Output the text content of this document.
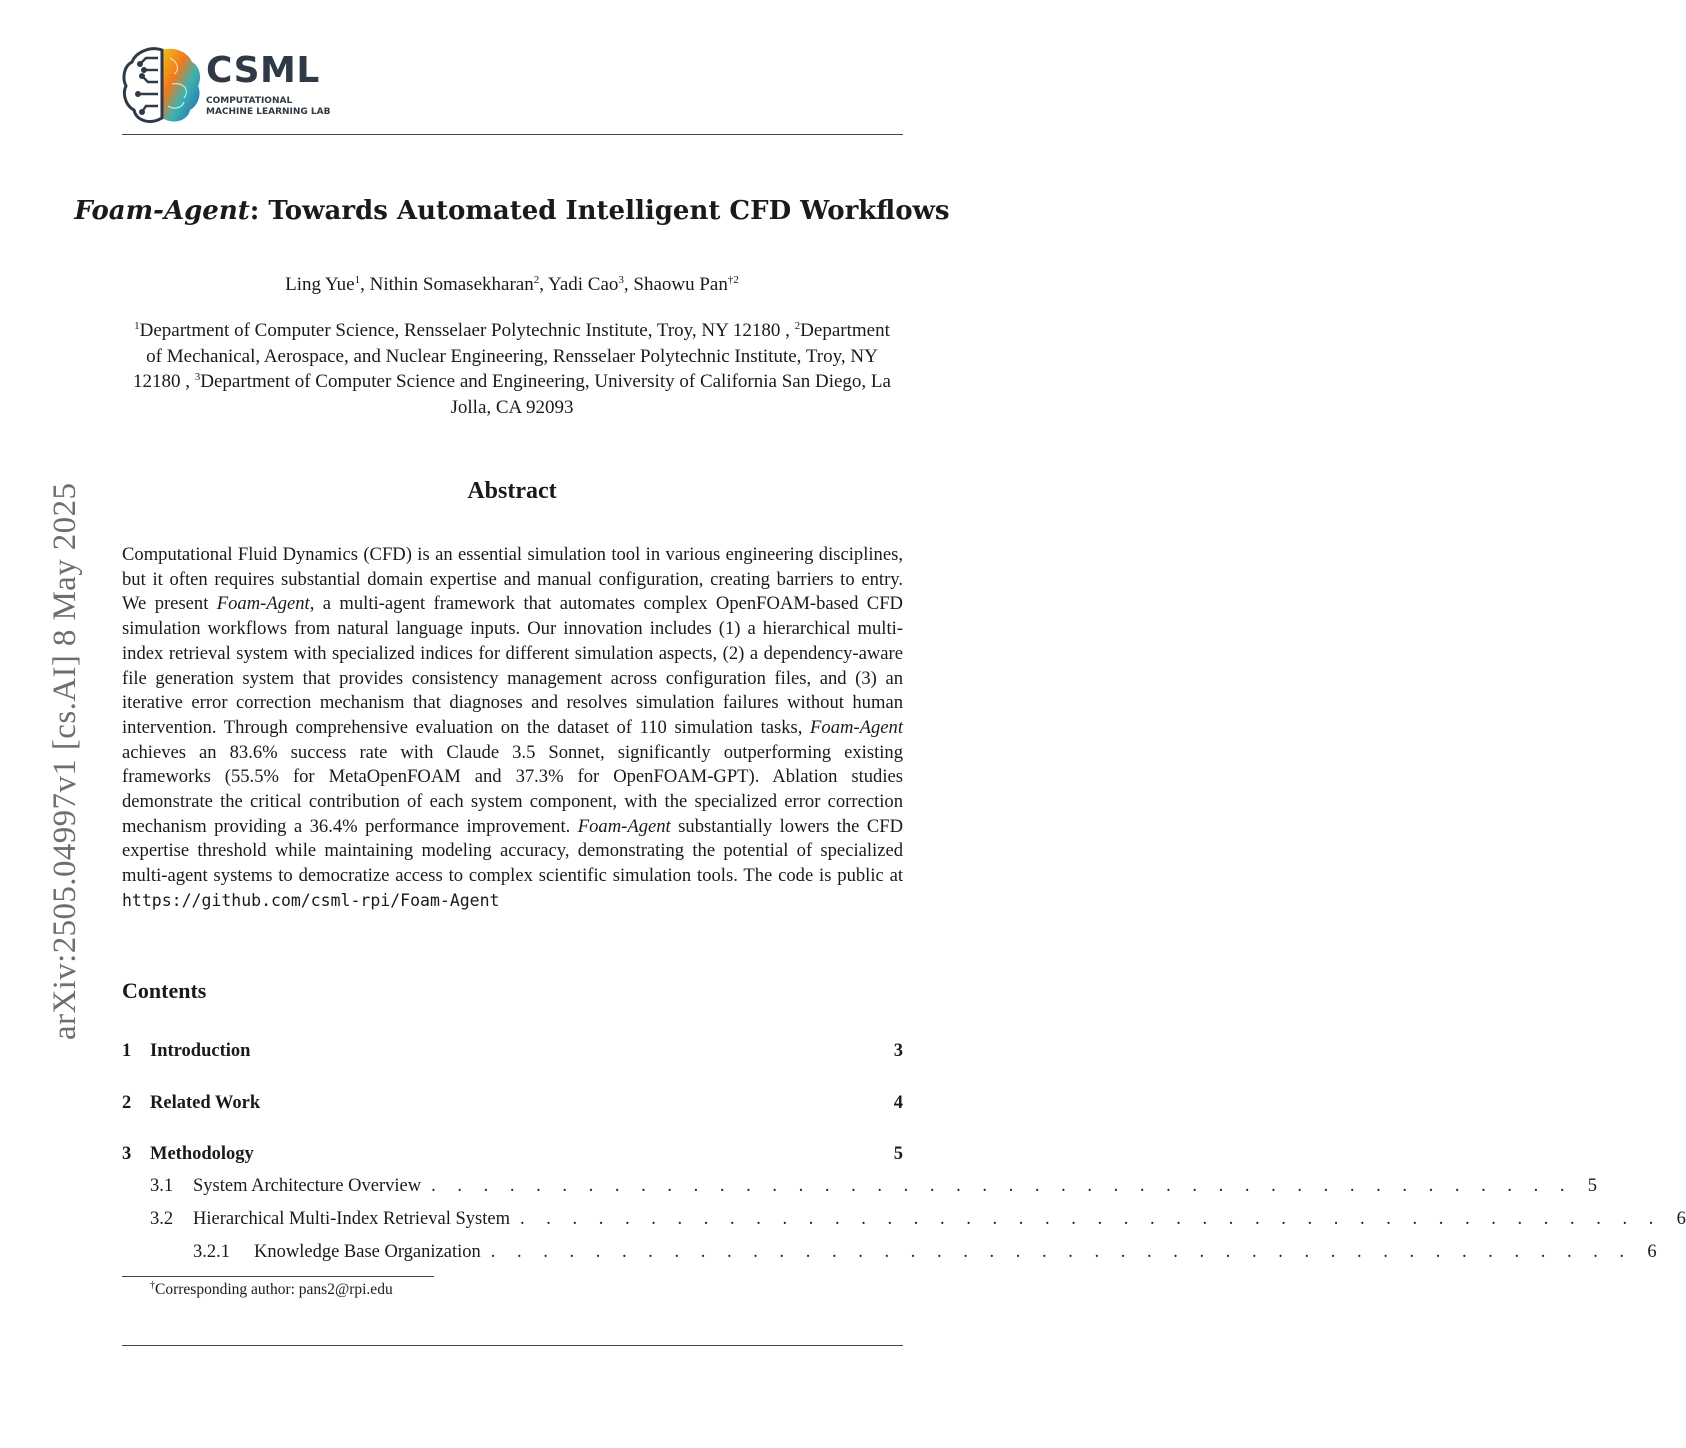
CSML
COMPUTATIONAL
MACHINE LEARNING LAB
Foam-Agent: Towards Automated Intelligent CFD Workflows
Ling Yue$^1$, Nithin Somasekharan$^2$, Yadi Cao$^3$, Shaowu Pan$^{\dagger 2}$
$^1$Department of Computer Science, Rensselaer Polytechnic Institute, Troy, NY 12180 , $^2$Department of Mechanical, Aerospace, and Nuclear Engineering, Rensselaer Polytechnic Institute, Troy, NY 12180 , $^3$Department of Computer Science and Engineering, University of California San Diego, La Jolla, CA 92093
arXiv:2505.04997v1 [cs.AI] 8 May 2025	Abstract
Computational Fluid Dynamics (CFD) is an essential simulation tool in various engineering disciplines, but it often requires substantial domain expertise and manual configuration, creating barriers to entry. We present Foam-Agent, a multi-agent framework that automates complex OpenFOAM-based CFD simulation workflows from natural language inputs. Our innovation includes (1) a hierarchical multi-index retrieval system with specialized indices for different simulation aspects, (2) a dependency-aware file generation system that provides consistency management across configuration files, and (3) an iterative error correction mechanism that diagnoses and resolves simulation failures without human intervention. Through comprehensive evaluation on the dataset of 110 simulation tasks, Foam-Agent achieves an 83.6% success rate with Claude 3.5 Sonnet, significantly outperforming existing frameworks (55.5% for MetaOpenFOAM and 37.3% for OpenFOAM-GPT). Ablation studies demonstrate the critical contribution of each system component, with the specialized error correction mechanism providing a 36.4% performance improvement. Foam-Agent substantially lowers the CFD expertise threshold while maintaining modeling accuracy, demonstrating the potential of specialized multi-agent systems to democratize access to complex scientific simulation tools. The code is public at https://github.com/csml-rpi/Foam-Agent
Contents
1	Introduction	3
2	Related Work	4
3	Methodology	5
3.1	System Architecture Overview . . . . . . . . . . . . . . . . . . . . . . . . . . . . . . . . . . . . . . . . . . . . 5
3.2	Hierarchical Multi-Index Retrieval System . . . . . . . . . . . . . . . . . . . . . . . . . . . . . . . . . . . . . . . . . . . . 6
3.2.1	Knowledge Base Organization . . . . . . . . . . . . . . . . . . . . . . . . . . . . . . . . . . . . . . . . . . . . 6
†Corresponding author: pans2@rpi.edu
